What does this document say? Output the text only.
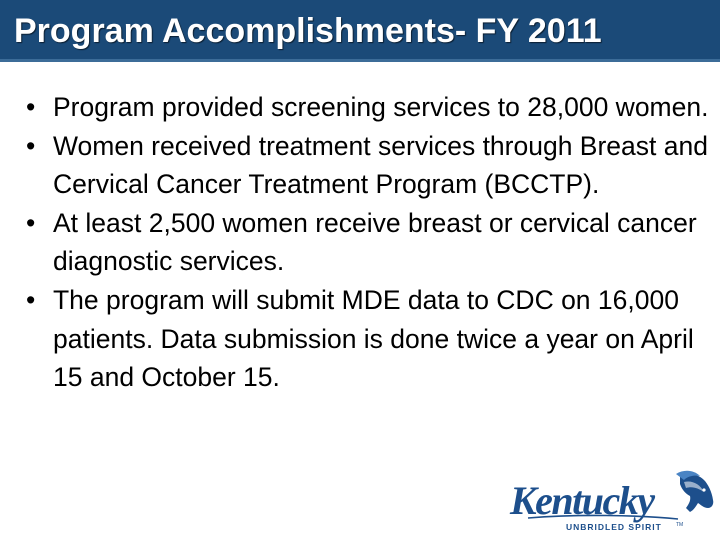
Program Accomplishments- FY 2011
• Program provided screening services to 28,000 women.
• Women received treatment services through Breast and Cervical Cancer Treatment Program (BCCTP).
• At least 2,500 women receive breast or cervical cancer diagnostic services.
• The program will submit MDE data to CDC on 16,000 patients. Data submission is done twice a year on April 15 and October 15.
Kentucky
UNBRIDLED SPIRIT	TM
